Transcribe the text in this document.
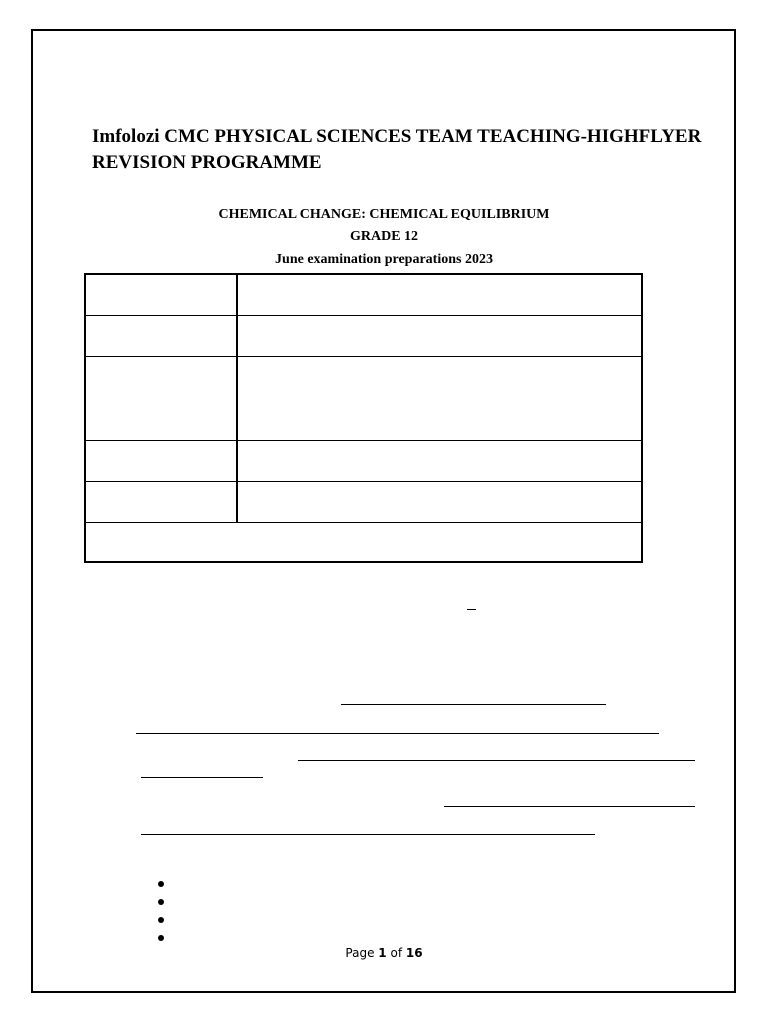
Imfolozi CMC PHYSICAL SCIENCES TEAM TEACHING-HIGHFLYER
REVISION PROGRAMME
CHEMICAL CHANGE: CHEMICAL EQUILIBRIUM
GRADE 12
June examination preparations 2023
Page 1 of 16
